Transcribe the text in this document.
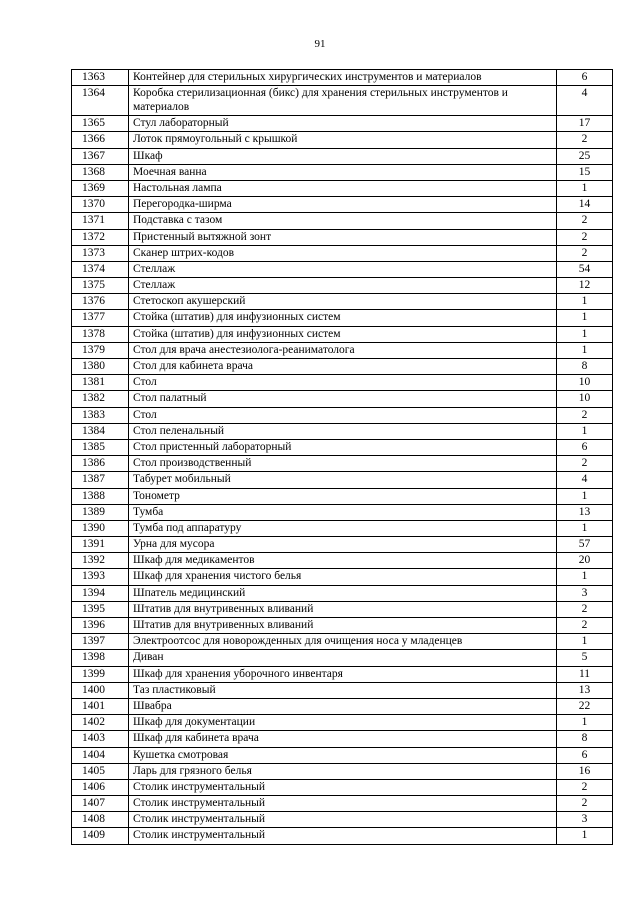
91
1363	Контейнер для стерильных хирургических инструментов и материалов	6
1364	Коробка стерилизационная (бикс) для хранения стерильных инструментов и материалов	4
1365	Стул лабораторный	17
1366	Лоток прямоугольный с крышкой	2
1367	Шкаф	25
1368	Моечная ванна	15
1369	Настольная лампа	1
1370	Перегородка-ширма	14
1371	Подставка с тазом	2
1372	Пристенный вытяжной зонт	2
1373	Сканер штрих-кодов	2
1374	Стеллаж	54
1375	Стеллаж	12
1376	Стетоскоп акушерский	1
1377	Стойка (штатив) для инфузионных систем	1
1378	Стойка (штатив) для инфузионных систем	1
1379	Стол для врача анестезиолога-реаниматолога	1
1380	Стол для кабинета врача	8
1381	Стол	10
1382	Стол палатный	10
1383	Стол	2
1384	Стол пеленальный	1
1385	Стол пристенный лабораторный	6
1386	Стол производственный	2
1387	Табурет мобильный	4
1388	Тонометр	1
1389	Тумба	13
1390	Тумба под аппаратуру	1
1391	Урна для мусора	57
1392	Шкаф для медикаментов	20
1393	Шкаф для хранения чистого белья	1
1394	Шпатель медицинский	3
1395	Штатив для внутривенных вливаний	2
1396	Штатив для внутривенных вливаний	2
1397	Электроотсос для новорожденных для очищения носа у младенцев	1
1398	Диван	5
1399	Шкаф для хранения уборочного инвентаря	11
1400	Таз пластиковый	13
1401	Швабра	22
1402	Шкаф для документации	1
1403	Шкаф для кабинета врача	8
1404	Кушетка смотровая	6
1405	Ларь для грязного белья	16
1406	Столик инструментальный	2
1407	Столик инструментальный	2
1408	Столик инструментальный	3
1409	Столик инструментальный	1
